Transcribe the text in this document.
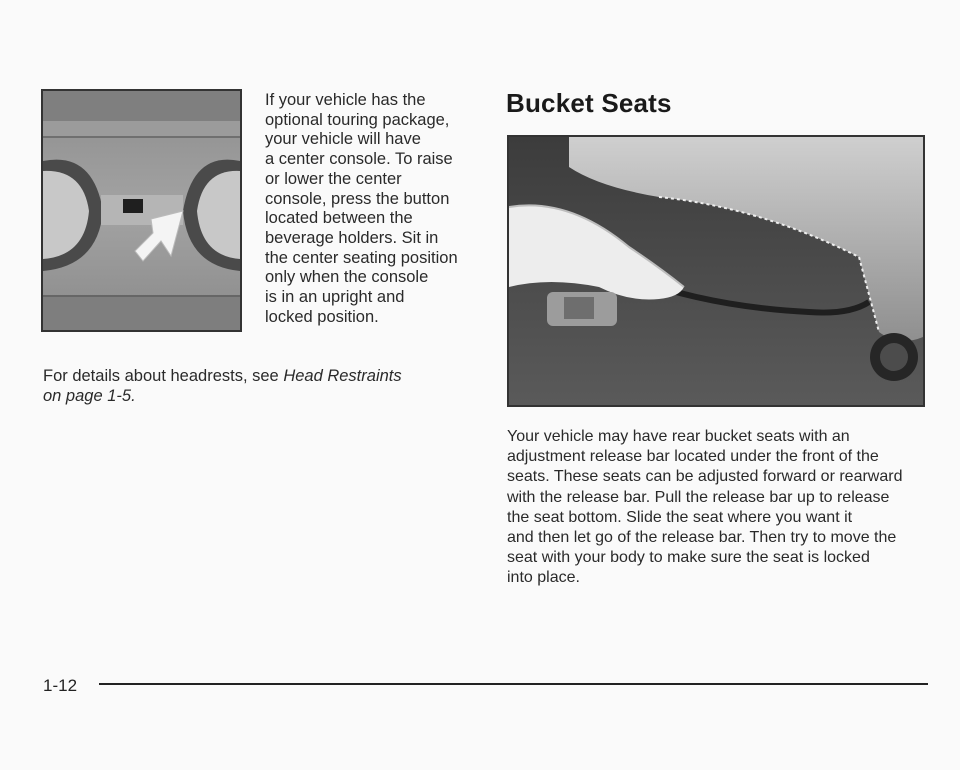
If your vehicle has the
optional touring package,
your vehicle will have
a center console. To raise
or lower the center
console, press the button
located between the
beverage holders. Sit in
the center seating position
only when the console
is in an upright and
locked position.

For details about headrests, see Head Restraints
on page 1-5.
Bucket Seats
Your vehicle may have rear bucket seats with an
adjustment release bar located under the front of the
seats. These seats can be adjusted forward or rearward
with the release bar. Pull the release bar up to release
the seat bottom. Slide the seat where you want it
and then let go of the release bar. Then try to move the
seat with your body to make sure the seat is locked
into place.
1-12
